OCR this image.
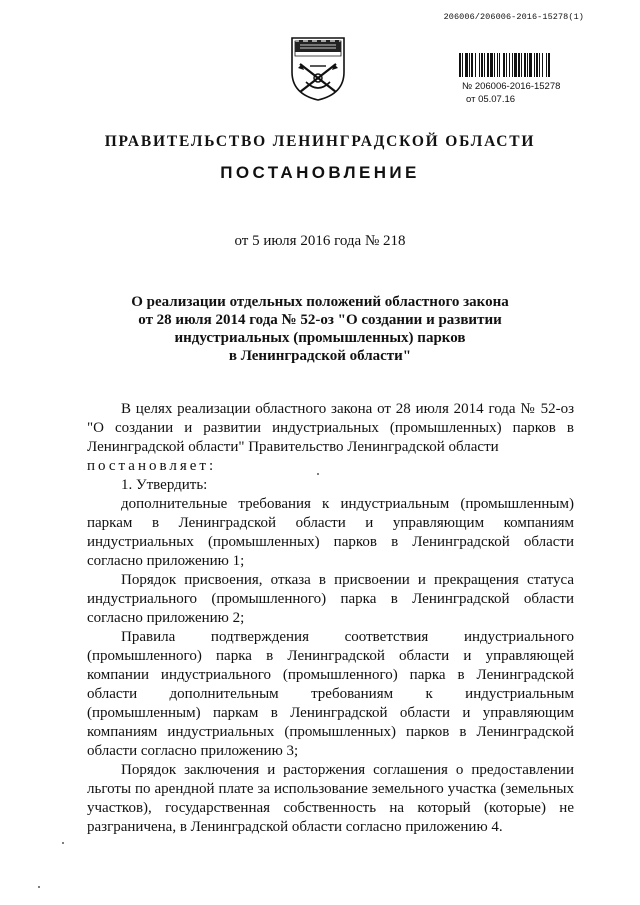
206006/206006-2016-15278(1)
№ 206006-2016-15278
от 05.07.16
ПРАВИТЕЛЬСТВО ЛЕНИНГРАДСКОЙ ОБЛАСТИ
ПОСТАНОВЛЕНИЕ
от 5 июля 2016 года № 218
О реализации отдельных положений областного закона
от 28 июля 2014 года № 52-оз "О создании и развитии
индустриальных (промышленных) парков
в Ленинградской области"

В целях реализации областного закона от 28 июля 2014 года № 52-оз "О создании и развитии индустриальных (промышленных) парков в Ленинградской области" Правительство Ленинградской области

постановляет:

1. Утвердить:

дополнительные требования к индустриальным (промышленным) паркам в Ленинградской области и управляющим компаниям индустриальных (промышленных) парков в Ленинградской области согласно приложению 1;

Порядок присвоения, отказа в присвоении и прекращения статуса индустриального (промышленного) парка в Ленинградской области согласно приложению 2;

Правила подтверждения соответствия индустриального (промышленного) парка в Ленинградской области и управляющей компании индустриального (промышленного) парка в Ленинградской области дополнительным требованиям к индустриальным (промышленным) паркам в Ленинградской области и управляющим компаниям индустриальных (промышленных) парков в Ленинградской области согласно приложению 3;

Порядок заключения и расторжения соглашения о предоставлении льготы по арендной плате за использование земельного участка (земельных участков), государственная собственность на который (которые) не разграничена, в Ленинградской области согласно приложению 4.
